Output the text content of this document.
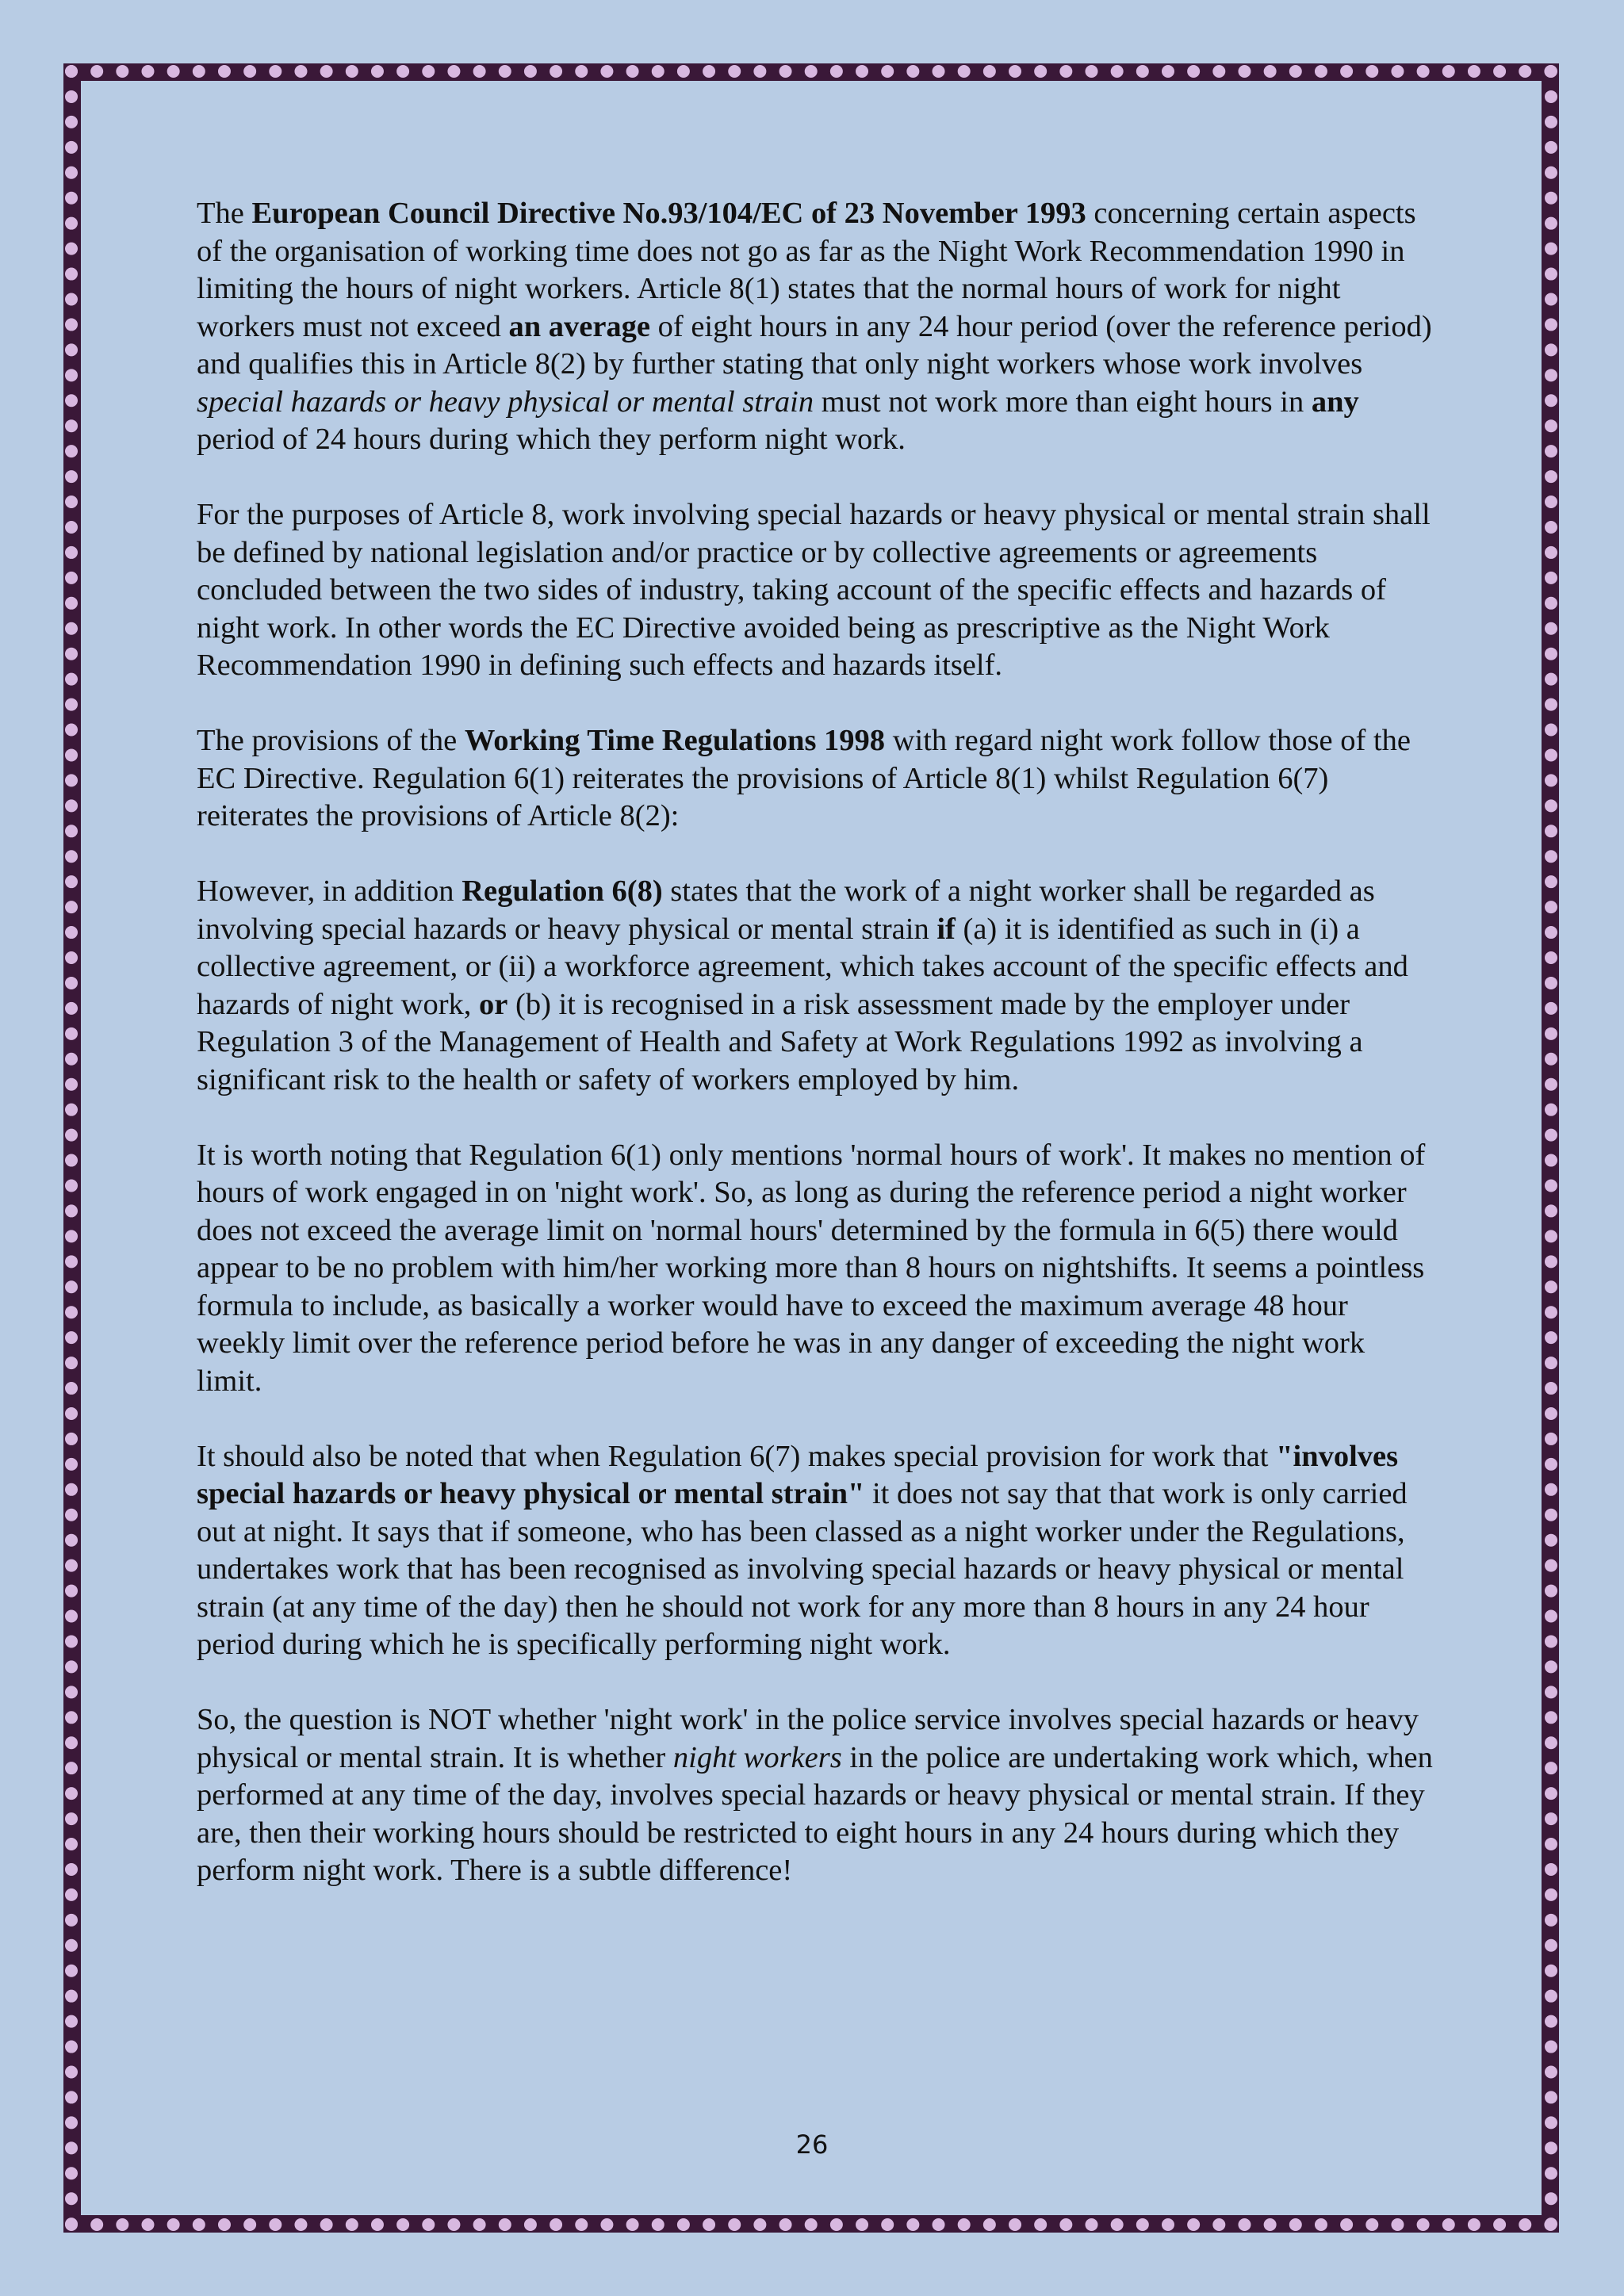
The European Council Directive No.93/104/EC of 23 November 1993 concerning certain aspects of the organisation of working time does not go as far as the Night Work Recommendation 1990 in limiting the hours of night workers. Article 8(1) states that the normal hours of work for night workers must not exceed an average of eight hours in any 24 hour period (over the reference period) and qualifies this in Article 8(2) by further stating that only night workers whose work involves special hazards or heavy physical or mental strain must not work more than eight hours in any period of 24 hours during which they perform night work.

For the purposes of Article 8, work involving special hazards or heavy physical or mental strain shall be defined by national legislation and/or practice or by collective agreements or agreements concluded between the two sides of industry, taking account of the specific effects and hazards of night work. In other words the EC Directive avoided being as prescriptive as the Night Work Recommendation 1990 in defining such effects and hazards itself.

The provisions of the Working Time Regulations 1998 with regard night work follow those of the EC Directive. Regulation 6(1) reiterates the provisions of Article 8(1) whilst Regulation 6(7) reiterates the provisions of Article 8(2):

However, in addition Regulation 6(8) states that the work of a night worker shall be regarded as involving special hazards or heavy physical or mental strain if (a) it is identified as such in (i) a collective agreement, or (ii) a workforce agreement, which takes account of the specific effects and hazards of night work, or (b) it is recognised in a risk assessment made by the employer under Regulation 3 of the Management of Health and Safety at Work Regulations 1992 as involving a significant risk to the health or safety of workers employed by him.

It is worth noting that Regulation 6(1) only mentions 'normal hours of work'. It makes no mention of hours of work engaged in on 'night work'. So, as long as during the reference period a night worker does not exceed the average limit on 'normal hours' determined by the formula in 6(5) there would appear to be no problem with him/her working more than 8 hours on nightshifts. It seems a pointless formula to include, as basically a worker would have to exceed the maximum average 48 hour weekly limit over the reference period before he was in any danger of exceeding the night work limit.

It should also be noted that when Regulation 6(7) makes special provision for work that "involves special hazards or heavy physical or mental strain" it does not say that that work is only carried out at night. It says that if someone, who has been classed as a night worker under the Regulations, undertakes work that has been recognised as involving special hazards or heavy physical or mental strain (at any time of the day) then he should not work for any more than 8 hours in any 24 hour period during which he is specifically performing night work.

So, the question is NOT whether 'night work' in the police service involves special hazards or heavy physical or mental strain. It is whether night workers in the police are undertaking work which, when performed at any time of the day, involves special hazards or heavy physical or mental strain. If they are, then their working hours should be restricted to eight hours in any 24 hours during which they perform night work. There is a subtle difference!

26
